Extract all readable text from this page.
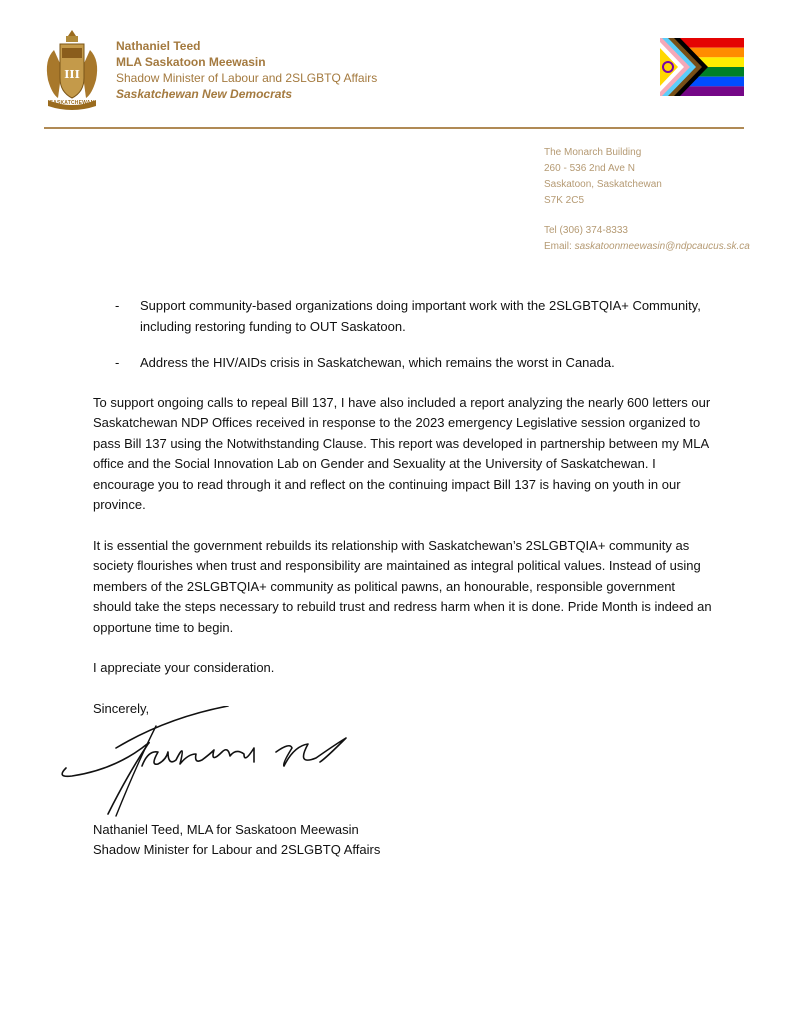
III
SASKATCHEWAN
Nathaniel Teed
MLA Saskatoon Meewasin
Shadow Minister of Labour and 2SLGBTQ Affairs
Saskatchewan New Democrats
The Monarch Building
260 - 536 2nd Ave N
Saskatoon, Saskatchewan
S7K 2C5
Tel (306) 374-8333
Email: saskatoonmeewasin@ndpcaucus.sk.ca
- Support community-based organizations doing important work with the 2SLGBTQIA+ Community, including restoring funding to OUT Saskatoon.
- Address the HIV/AIDs crisis in Saskatchewan, which remains the worst in Canada.

To support ongoing calls to repeal Bill 137, I have also included a report analyzing the nearly 600 letters our Saskatchewan NDP Offices received in response to the 2023 emergency Legislative session organized to pass Bill 137 using the Notwithstanding Clause. This report was developed in partnership between my MLA office and the Social Innovation Lab on Gender and Sexuality at the University of Saskatchewan. I encourage you to read through it and reflect on the continuing impact Bill 137 is having on youth in our province.

It is essential the government rebuilds its relationship with Saskatchewan’s 2SLGBTQIA+ community as society flourishes when trust and responsibility are maintained as integral political values. Instead of using members of the 2SLGBTQIA+ community as political pawns, an honourable, responsible government should take the steps necessary to rebuild trust and redress harm when it is done. Pride Month is indeed an opportune time to begin.

I appreciate your consideration.

Sincerely,

Nathaniel Teed, MLA for Saskatoon Meewasin
Shadow Minister for Labour and 2SLGBTQ Affairs
